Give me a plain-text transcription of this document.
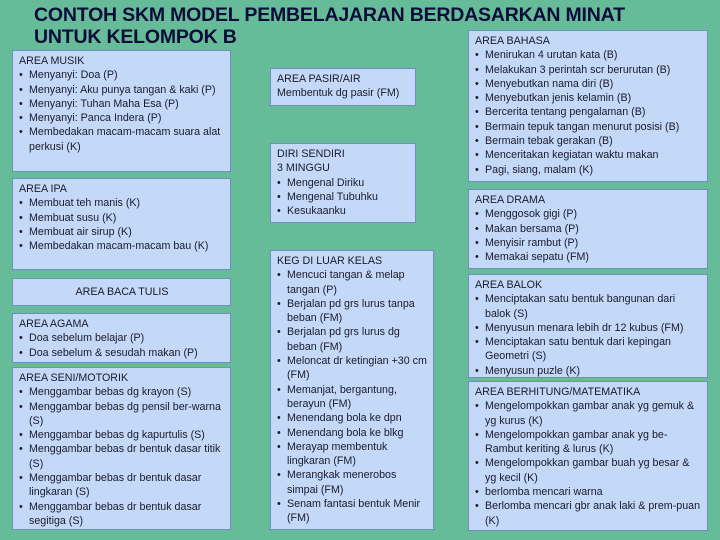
CONTOH SKM MODEL PEMBELAJARAN BERDASARKAN MINAT
UNTUK KELOMPOK B
AREA MUSIK
• Menyanyi: Doa (P)
• Menyanyi: Aku punya tangan & kaki (P)
• Menyanyi: Tuhan Maha Esa (P)
• Menyanyi: Panca Indera (P)
• Membedakan macam-macam suara alat perkusi (K)
AREA IPA
• Membuat teh manis (K)
• Membuat susu (K)
• Membuat air sirup (K)
• Membedakan macam-macam bau (K)
AREA BACA TULIS
AREA AGAMA
• Doa sebelum belajar (P)
• Doa sebelum & sesudah makan (P)
AREA SENI/MOTORIK
• Menggambar bebas dg krayon (S)
• Menggambar bebas dg pensil ber-warna (S)
• Menggambar bebas dg kapurtulis (S)
• Menggambar bebas dr bentuk dasar titik (S)
• Menggambar bebas dr bentuk dasar lingkaran (S)
• Menggambar bebas dr bentuk dasar segitiga (S)
AREA PASIR/AIR
Membentuk dg pasir (FM)
DIRI SENDIRI
3 MINGGU
• Mengenal Diriku
• Mengenal Tubuhku
• Kesukaanku
KEG DI LUAR KELAS
• Mencuci tangan & melap tangan (P)
• Berjalan pd grs lurus tanpa beban (FM)
• Berjalan pd grs lurus dg beban (FM)
• Meloncat dr ketingian +30 cm (FM)
• Memanjat, bergantung, berayun (FM)
• Menendang bola ke dpn
• Menendang bola ke blkg
• Merayap membentuk lingkaran (FM)
• Merangkak menerobos simpai (FM)
• Senam fantasi bentuk Menir (FM)
AREA BAHASA
• Menirukan 4 urutan kata (B)
• Melakukan 3 perintah scr berurutan (B)
• Menyebutkan nama diri (B)
• Menyebutkan jenis kelamin (B)
• Bercerita tentang pengalaman (B)
• Bermain tepuk tangan menurut posisi (B)
• Bermain tebak gerakan (B)
• Menceritakan kegiatan waktu makan
• Pagi, siang, malam (K)
AREA DRAMA
• Menggosok gigi (P)
• Makan bersama (P)
• Menyisir rambut (P)
• Memakai sepatu (FM)
AREA BALOK
• Menciptakan satu bentuk bangunan dari balok (S)
• Menyusun menara lebih dr 12 kubus (FM)
• Menciptakan satu bentuk dari kepingan Geometri (S)
• Menyusun puzle (K)
AREA BERHITUNG/MATEMATIKA
• Mengelompokkan gambar anak yg gemuk & yg kurus (K)
• Mengelompokkan gambar anak yg be-Rambut keriting & lurus (K)
• Mengelompokkan gambar buah yg besar & yg kecil (K)
• berlomba mencari warna
• Berlomba mencari gbr anak laki & prem-puan (K)
